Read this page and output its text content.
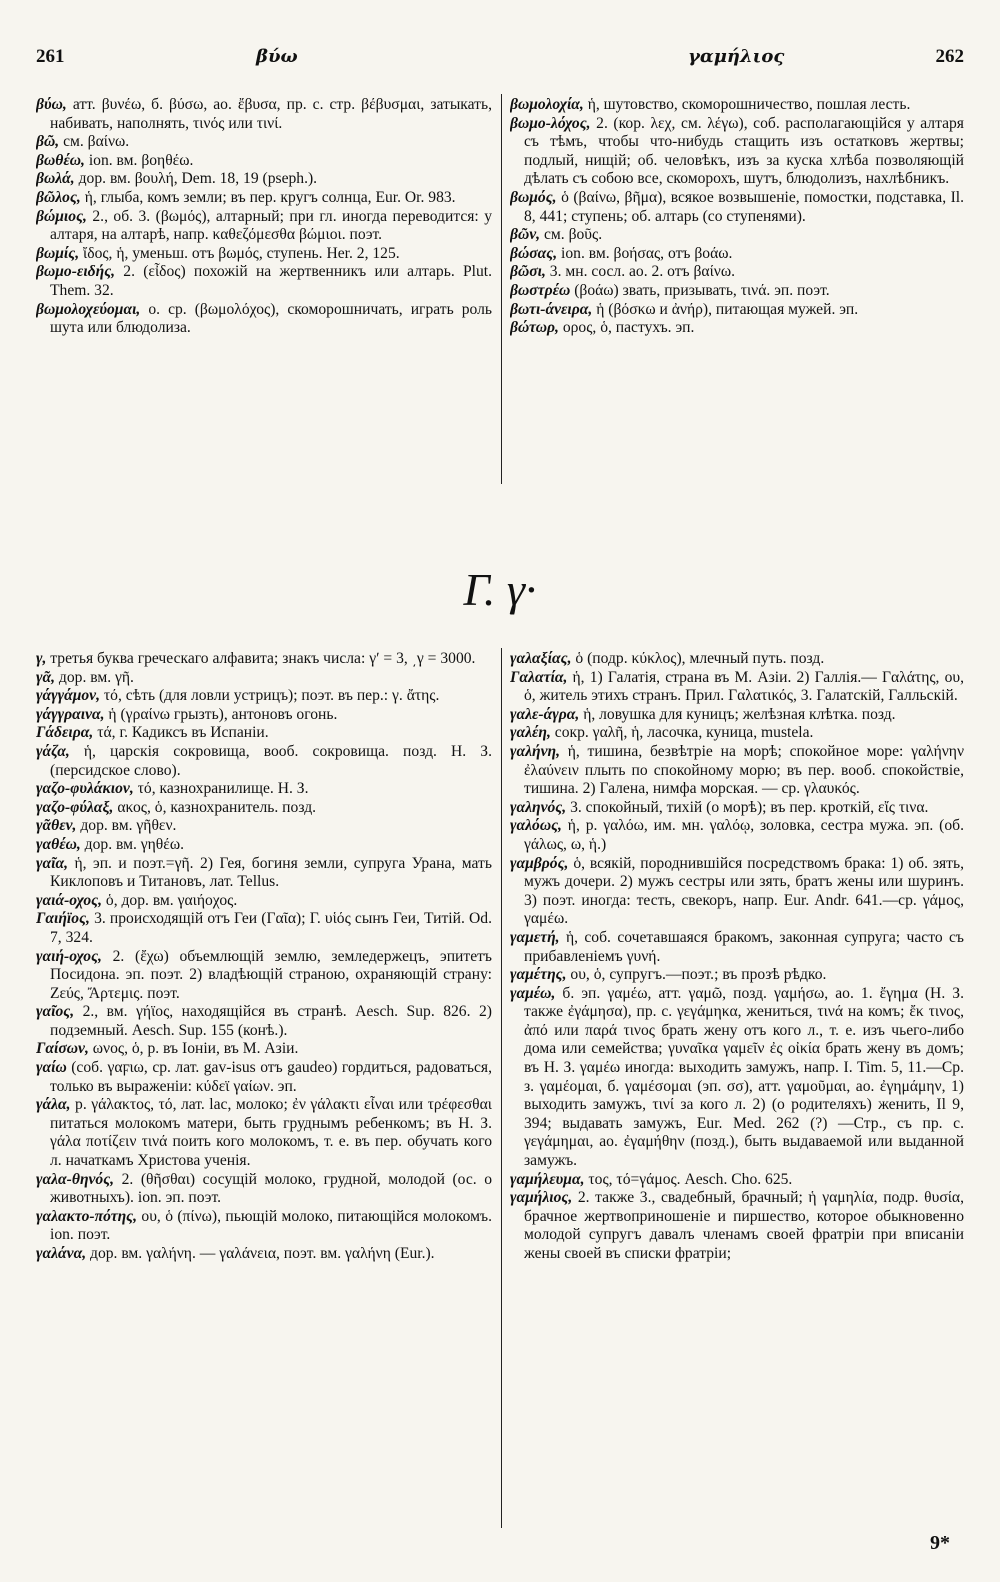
261	βύω	γαμήλιος	262

βύω, атт. βυνέω, б. βύσω, ао. ἔβυσα, пр. с. стр. βέβυσμαι, затыкать, набивать, наполнять, τινός или τινί.

βῶ, см. βαίνω.

βωθέω, ion. вм. βοηθέω.

βωλά, дор. вм. βουλή, Dem. 18, 19 (pseph.).

βῶλος, ἡ, глыба, комъ земли; въ пер. кругъ солнца, Eur. Or. 983.

βώμιος, 2., об. 3. (βωμός), алтарный; при гл. иногда переводится: у алтаря, на алтарѣ, напр. καθεζόμεσθα βώμιοι. поэт.

βωμίς, ἴδος, ἡ, уменьш. отъ βωμός, ступень. Her. 2, 125.

βωμο-ειδής, 2. (εἶδος) похожій на жертвенникъ или алтарь. Plut. Them. 32.

βωμολοχεύομαι, о. ср. (βωμολόχος), скоморошничать, играть роль шута или блюдолиза.

βωμολοχία, ἡ, шутовство, скоморошничество, пошлая лесть.

βωμο-λόχος, 2. (кор. λεχ, см. λέγω), соб. располагающійся у алтаря съ тѣмъ, чтобы что-нибудь стащить изъ остатковъ жертвы; подлый, нищій; об. человѣкъ, изъ за куска хлѣба позволяющій дѣлать съ собою все, скоморохъ, шутъ, блюдолизъ, нахлѣбникъ.

βωμός, ὁ (βαίνω, βῆμα), всякое возвышеніе, помостки, подставка, Il. 8, 441; ступень; об. алтарь (со ступенями).

βῶν, см. βοῦς.

βώσας, ion. вм. βοήσας, отъ βοάω.

βῶσι, 3. мн. сосл. ао. 2. отъ βαίνω.

βωστρέω (βοάω) звать, призывать, τινά. эп. поэт.

βωτι-άνειρα, ἡ (βόσκω и ἀνήρ), питающая мужей. эп.

βώτωρ, ορος, ὁ, пастухъ. эп.

Γ. γ·

γ, третья буква греческаго алфавита; знакъ числа: γʹ = 3, ͵γ = 3000.

γᾶ, дор. вм. γῆ.

γάγγάμον, τό, сѣть (для ловли устрицъ); поэт. въ пер.: γ. ἄτης.

γάγγραινα, ἡ (γραίνω грызть), антоновъ огонь.

Γάδειρα, τά, г. Кадиксъ въ Испаніи.

γάζα, ἡ, царскія сокровища, вооб. сокровища. позд. Н. З. (персидское слово).

γαζο-φυλάκιον, τό, казнохранилище. Н. З.

γαζο-φύλαξ, ακος, ὁ, казнохранитель. позд.

γᾶθεν, дор. вм. γῆθεν.

γαθέω, дор. вм. γηθέω.

γαῖα, ἡ, эп. и поэт.=γῆ. 2) Гея, богиня земли, супруга Урана, мать Киклоповъ и Титановъ, лат. Tellus.

γαιά-οχος, ὁ, дор. вм. γαιήοχος.

Γαιήϊος, 3. происходящій отъ Геи (Γαῖα); Γ. υἱός сынъ Геи, Титій. Od. 7, 324.

γαιή-οχος, 2. (ἔχω) объемлющій землю, земледержецъ, эпитетъ Посидона. эп. поэт. 2) владѣющій страною, охраняющій страну: Ζεύς, Ἄρτεμις. поэт.

γαῖος, 2., вм. γήϊος, находящійся въ странѣ. Aesch. Sup. 826. 2) подземный. Aesch. Sup. 155 (конѣ.).

Γαίσων, ωνος, ὁ, р. въ Іоніи, въ М. Азіи.

γαίω (соб. γαϝιω, ср. лат. gav-isus отъ gaudeo) гордиться, радоваться, только въ выраженіи: κύδεϊ γαίων. эп.

γάλα, р. γάλακτος, τό, лат. lac, молоко; ἐν γάλακτι εἶναι или τρέφεσθαι питаться молокомъ матери, быть груднымъ ребенкомъ; въ Н. З. γάλα ποτίζειν τινά поить кого молокомъ, т. е. въ пер. обучать кого л. начаткамъ Христова ученія.

γαλα-θηνός, 2. (θῆσθαι) сосущій молоко, грудной, молодой (ос. о животныхъ). ion. эп. поэт.

γαλακτο-πότης, ου, ὁ (πίνω), пьющій молоко, питающійся молокомъ. ion. поэт.

γαλάνα, дор. вм. γαλήνη. — γαλάνεια, поэт. вм. γαλήνη (Eur.).

γαλαξίας, ὁ (подр. κύκλος), млечный путь. позд.

Γαλατία, ἡ, 1) Галатія, страна въ М. Азіи. 2) Галлія.— Γαλάτης, ου, ὁ, житель этихъ странъ. Прил. Γαλατικός, 3. Галатскій, Галльскій.

γαλε-άγρα, ἡ, ловушка для куницъ; желѣзная клѣтка. позд.

γαλέη, сокр. γαλῆ, ἡ, ласочка, куница, mustela.

γαλήνη, ἡ, тишина, безвѣтріе на морѣ; спокойное море: γαλήνην ἐλαύνειν плыть по спокойному морю; въ пер. вооб. спокойствіе, тишина. 2) Галена, нимфа морская. — ср. γλαυκός.

γαληνός, 3. спокойный, тихій (о морѣ); въ пер. кроткій, εἴς τινα.

γαλόως, ἡ, р. γαλόω, им. мн. γαλόῳ, золовка, сестра мужа. эп. (об. γάλως, ω, ἡ.)

γαμβρός, ὁ, всякій, породнившійся посредствомъ брака: 1) об. зять, мужъ дочери. 2) мужъ сестры или зять, братъ жены или шуринъ. 3) поэт. иногда: тесть, свекоръ, напр. Eur. Andr. 641.—ср. γάμος, γαμέω.

γαμετή, ἡ, соб. сочетавшаяся бракомъ, законная супруга; часто съ прибавленіемъ γυνή.

γαμέτης, ου, ὁ, супругъ.—поэт.; въ прозѣ рѣдко.

γαμέω, б. эп. γαμέω, атт. γαμῶ, позд. γαμήσω, ао. 1. ἔγημα (Н. З. также ἐγάμησα), пр. с. γεγάμηκα, жениться, τινά на комъ; ἔκ τινος, ἀπό или παρά τινος брать жену отъ кого л., т. е. изъ чьего-либо дома или семейства; γυναῖκα γαμεῖν ἐς οἰκία брать жену въ домъ; въ Н. З. γαμέω иногда: выходить замужъ, напр. I. Tim. 5, 11.—Ср. з. γαμέομαι, б. γαμέσομαι (эп. σσ), атт. γαμοῦμαι, ао. ἐγημάμην, 1) выходить замужъ, τινί за кого л. 2) (о родителяхъ) женить, Il 9, 394; выдавать замужъ, Eur. Med. 262 (?) —Стр., съ пр. с. γεγάμημαι, ао. ἐγαμήθην (позд.), быть выдаваемой или выданной замужъ.

γαμήλευμα, τος, τό=γάμος. Aesch. Cho. 625.

γαμήλιος, 2. также 3., свадебный, брачный; ἡ γαμηλία, подр. θυσία, брачное жертвоприношеніе и пиршество, которое обыкновенно молодой супругъ давалъ членамъ своей фратріи при вписаніи жены своей въ списки фратріи;

9*
